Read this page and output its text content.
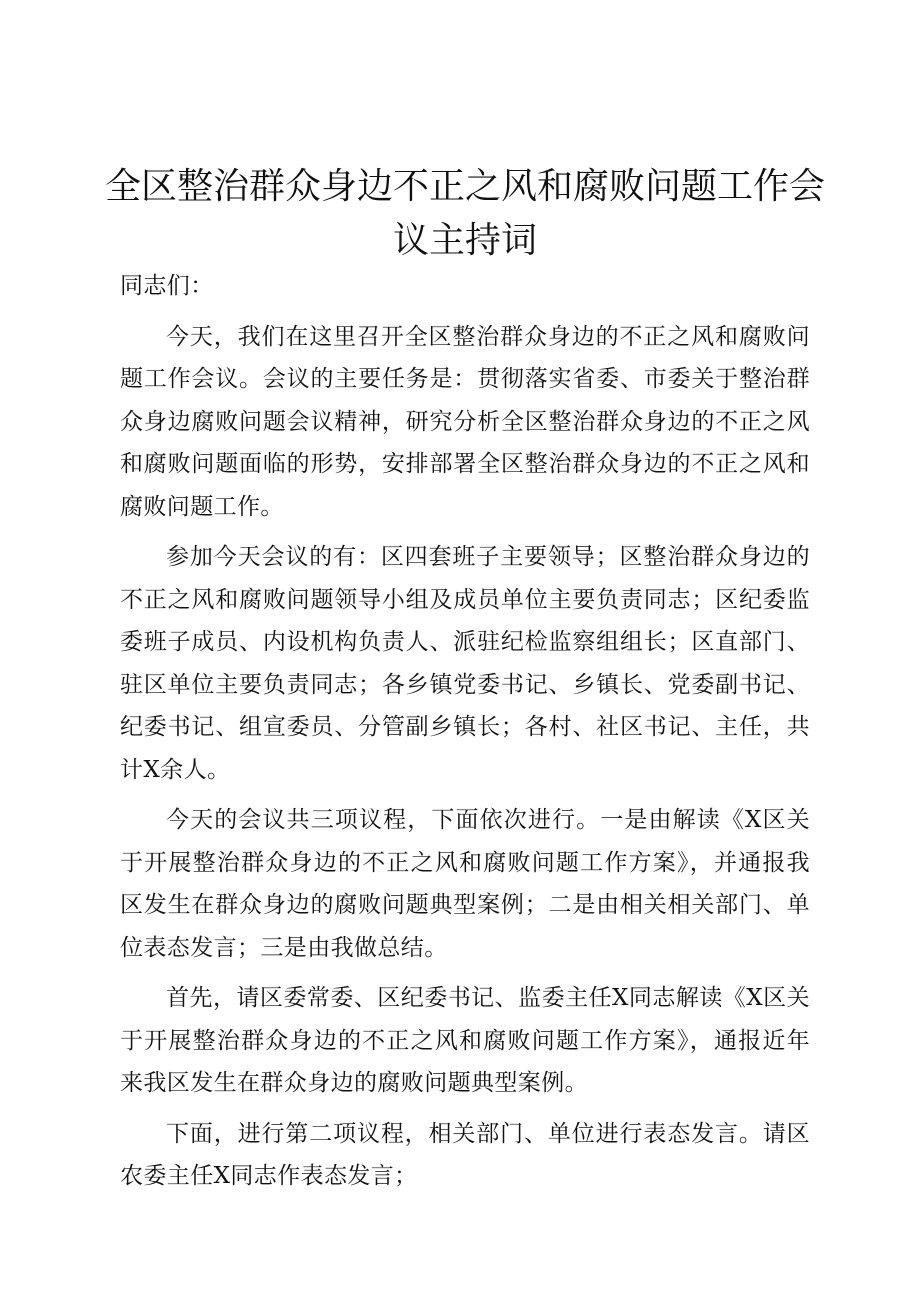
全区整治群众身边不正之风和腐败问题工作会议主持词

同志们：

今天，我们在这里召开全区整治群众身边的不正之风和腐败问题工作会议。会议的主要任务是：贯彻落实省委、市委关于整治群众身边腐败问题会议精神，研究分析全区整治群众身边的不正之风和腐败问题面临的形势，安排部署全区整治群众身边的不正之风和腐败问题工作。

参加今天会议的有：区四套班子主要领导；区整治群众身边的不正之风和腐败问题领导小组及成员单位主要负责同志；区纪委监委班子成员、内设机构负责人、派驻纪检监察组组长；区直部门、驻区单位主要负责同志；各乡镇党委书记、乡镇长、党委副书记、纪委书记、组宣委员、分管副乡镇长；各村、社区书记、主任，共计X余人。

今天的会议共三项议程，下面依次进行。一是由解读《X区关于开展整治群众身边的不正之风和腐败问题工作方案》，并通报我区发生在群众身边的腐败问题典型案例；二是由相关相关部门、单位表态发言；三是由我做总结。

首先，请区委常委、区纪委书记、监委主任X同志解读《X区关于开展整治群众身边的不正之风和腐败问题工作方案》，通报近年来我区发生在群众身边的腐败问题典型案例。

下面，进行第二项议程，相关部门、单位进行表态发言。请区农委主任X同志作表态发言；
